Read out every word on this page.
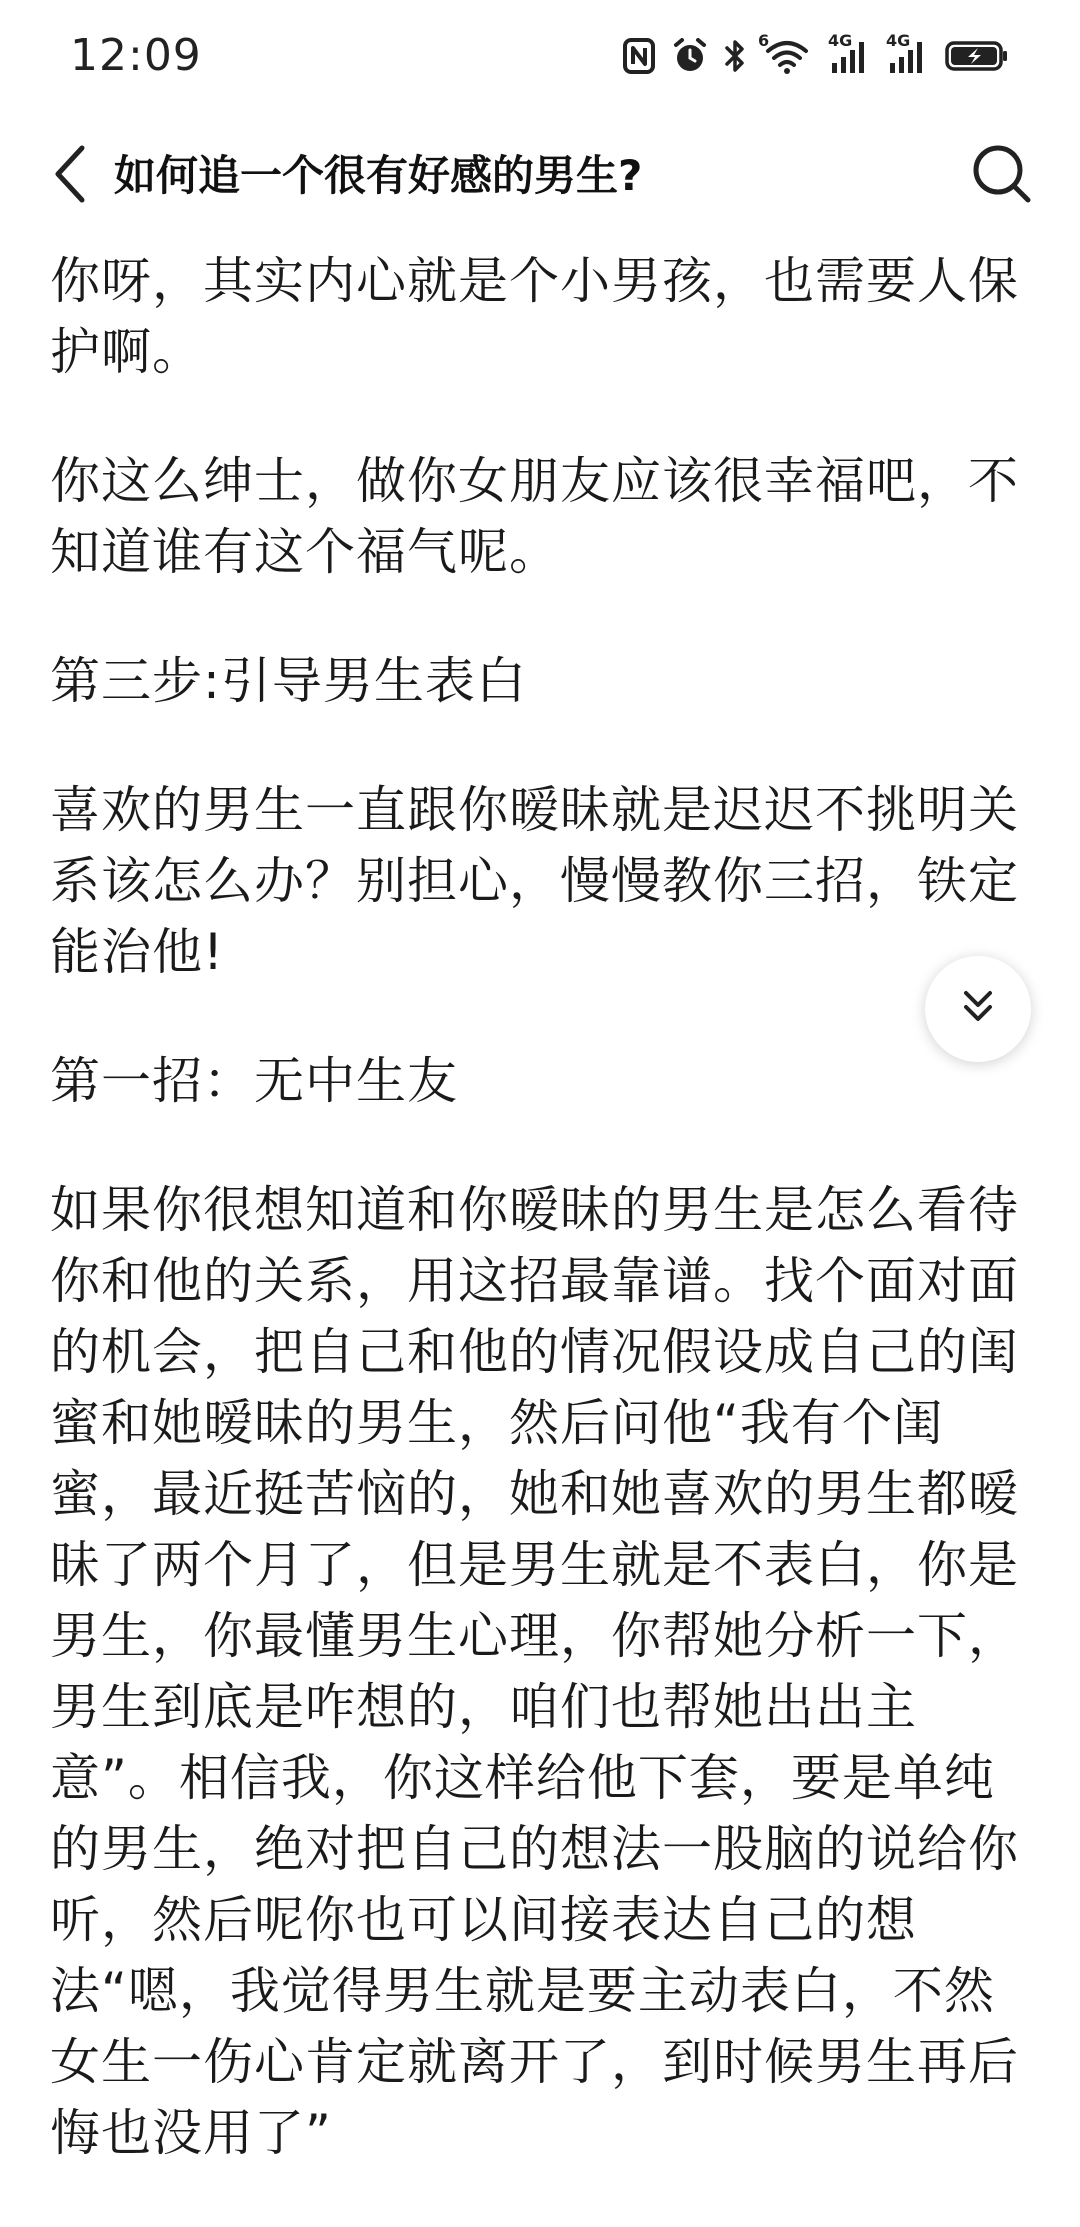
12:09	6	4G 4G
如何追一个很有好感的男生?

你呀，其实内心就是个小男孩，也需要人保护啊。

你这么绅士，做你女朋友应该很幸福吧，不知道谁有这个福气呢。

第三步:引导男生表白

喜欢的男生一直跟你暧昧就是迟迟不挑明关系该怎么办？别担心，慢慢教你三招，铁定能治他!

第一招：无中生友

如果你很想知道和你暧昧的男生是怎么看待你和他的关系，用这招最靠谱。找个面对面的机会，把自己和他的情况假设成自己的闺蜜和她暧昧的男生，然后问他“我有个闺蜜，最近挺苦恼的，她和她喜欢的男生都暧昧了两个月了，但是男生就是不表白，你是男生，你最懂男生心理，你帮她分析一下，男生到底是咋想的，咱们也帮她出出主意”。相信我，你这样给他下套，要是单纯的男生，绝对把自己的想法一股脑的说给你听，然后呢你也可以间接表达自己的想法“嗯，我觉得男生就是要主动表白，不然女生一伤心肯定就离开了，到时候男生再后悔也没用了”
